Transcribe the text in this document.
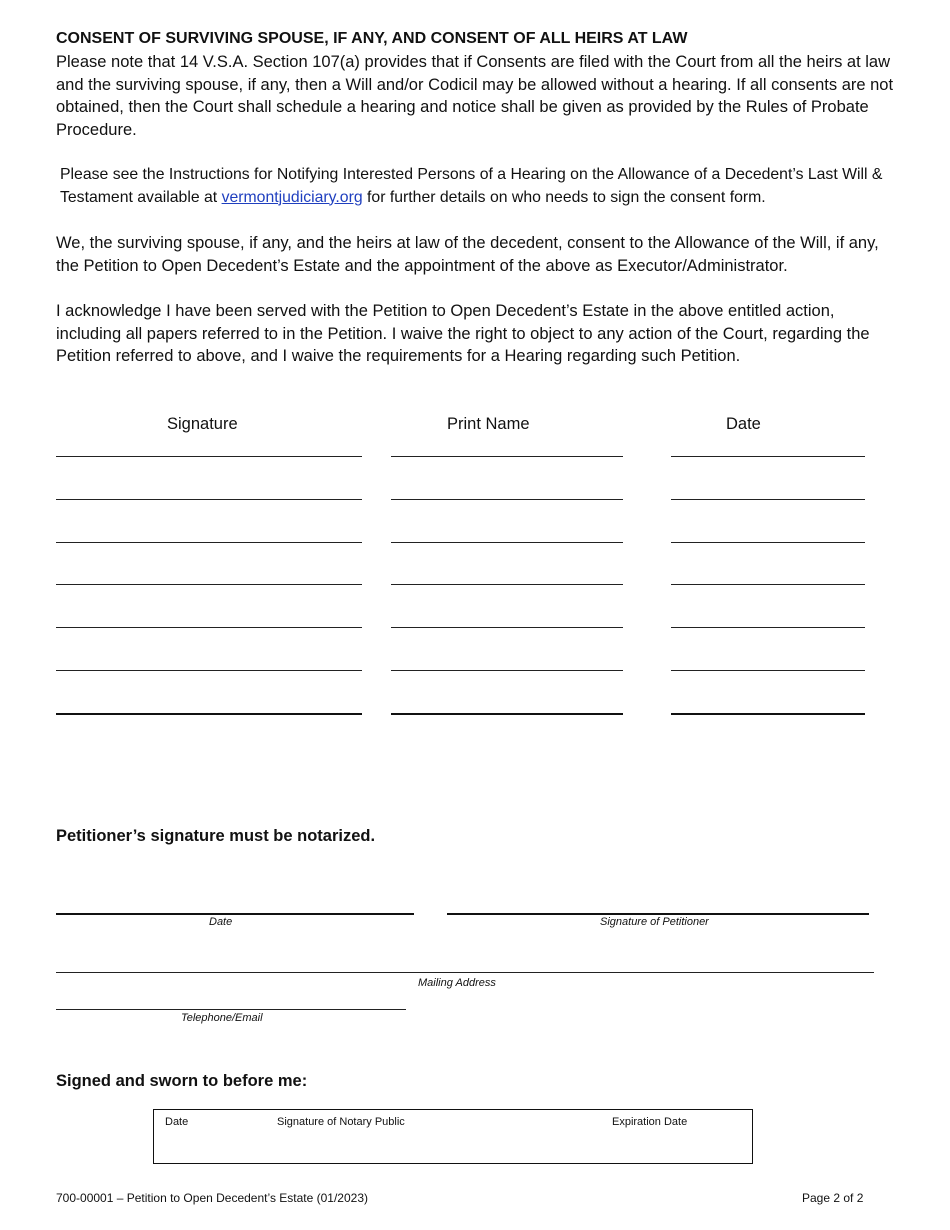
CONSENT OF SURVIVING SPOUSE, IF ANY, AND CONSENT OF ALL HEIRS AT LAW

Please note that 14 V.S.A. Section 107(a) provides that if Consents are filed with the Court from all the heirs at law and the surviving spouse, if any, then a Will and/or Codicil may be allowed without a hearing. If all consents are not obtained, then the Court shall schedule a hearing and notice shall be given as provided by the Rules of Probate Procedure.

Please see the Instructions for Notifying Interested Persons of a Hearing on the Allowance of a Decedent’s Last Will & Testament available at vermontjudiciary.org for further details on who needs to sign the consent form.

We, the surviving spouse, if any, and the heirs at law of the decedent, consent to the Allowance of the Will, if any, the Petition to Open Decedent’s Estate and the appointment of the above as Executor/Administrator.

I acknowledge I have been served with the Petition to Open Decedent’s Estate in the above entitled action, including all papers referred to in the Petition. I waive the right to object to any action of the Court, regarding the Petition referred to above, and I waive the requirements for a Hearing regarding such Petition.

Signature	Print Name	Date
Petitioner’s signature must be notarized.
Date	Signature of Petitioner
Mailing Address
Telephone/Email
Signed and sworn to before me:
Date	Signature of Notary Public	Expiration Date
700-00001 – Petition to Open Decedent’s Estate (01/2023)	Page 2 of 2
